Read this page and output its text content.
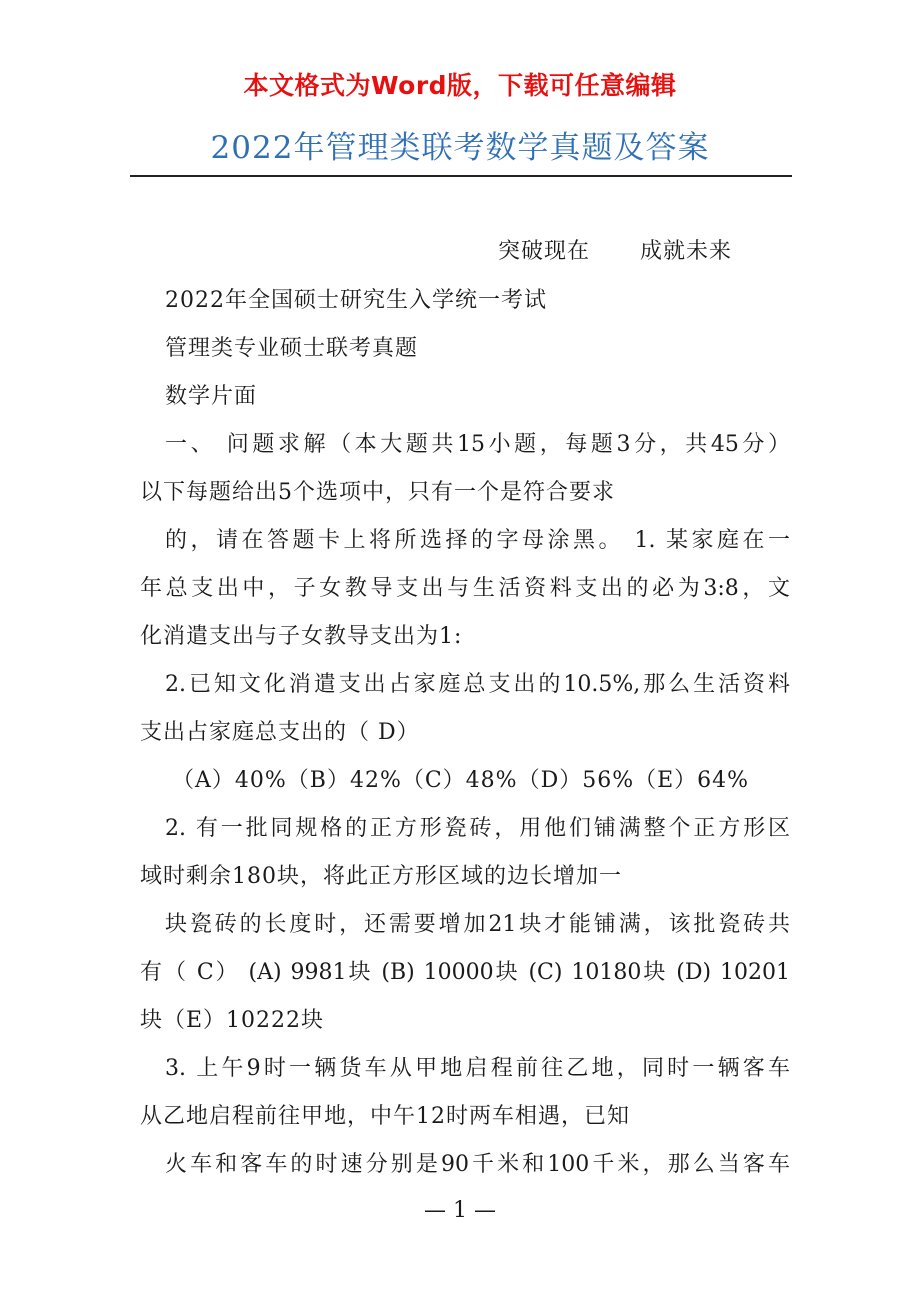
本文格式为Word版，下载可任意编辑
2022年管理类联考数学真题及答案
突破现在 成就未来
2022年全国硕士研究生入学统一考试
管理类专业硕士联考真题
数学片面
一、 问题求解（本大题共15小题，每题3分，共45分）
以下每题给出5个选项中，只有一个是符合要求
的，请在答题卡上将所选择的字母涂黑。 1. 某家庭在一
年总支出中，子女教导支出与生活资料支出的必为3:8，文
化消遣支出与子女教导支出为1:
2.已知文化消遣支出占家庭总支出的10.5%,那么生活资料
支出占家庭总支出的（ D）
（A）40%（B）42%（C）48%（D）56%（E）64%
2. 有一批同规格的正方形瓷砖，用他们铺满整个正方形区
域时剩余180块，将此正方形区域的边长增加一
块瓷砖的长度时，还需要增加21块才能铺满，该批瓷砖共
有（ C） (A) 9981块 (B) 10000块 (C) 10180块 (D) 10201
块（E）10222块
3. 上午9时一辆货车从甲地启程前往乙地，同时一辆客车
从乙地启程前往甲地，中午12时两车相遇，已知
火车和客车的时速分别是90千米和100千米，那么当客车
— 1 —
